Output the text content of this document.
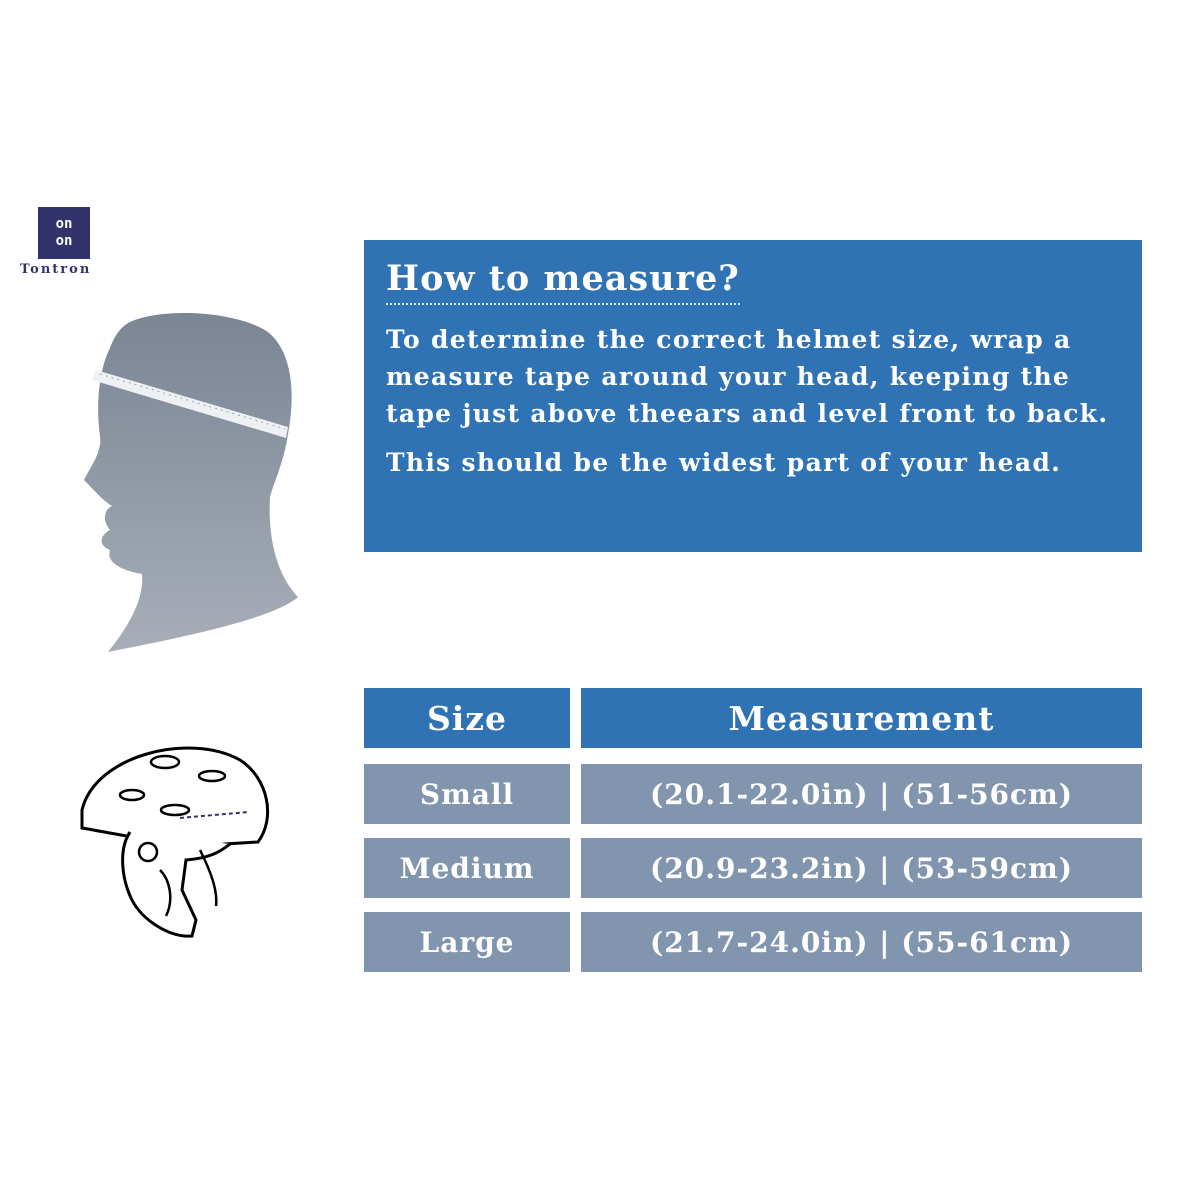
on
on
Tontron	How to measure?

To determine the correct helmet size, wrap a measure tape around your head, keeping the tape just above theears and level front to back.

This should be the widest part of your head.

Size	Measurement
Small	(20.1-22.0in) | (51-56cm)
Medium	(20.9-23.2in) | (53-59cm)
Large	(21.7-24.0in) | (55-61cm)
